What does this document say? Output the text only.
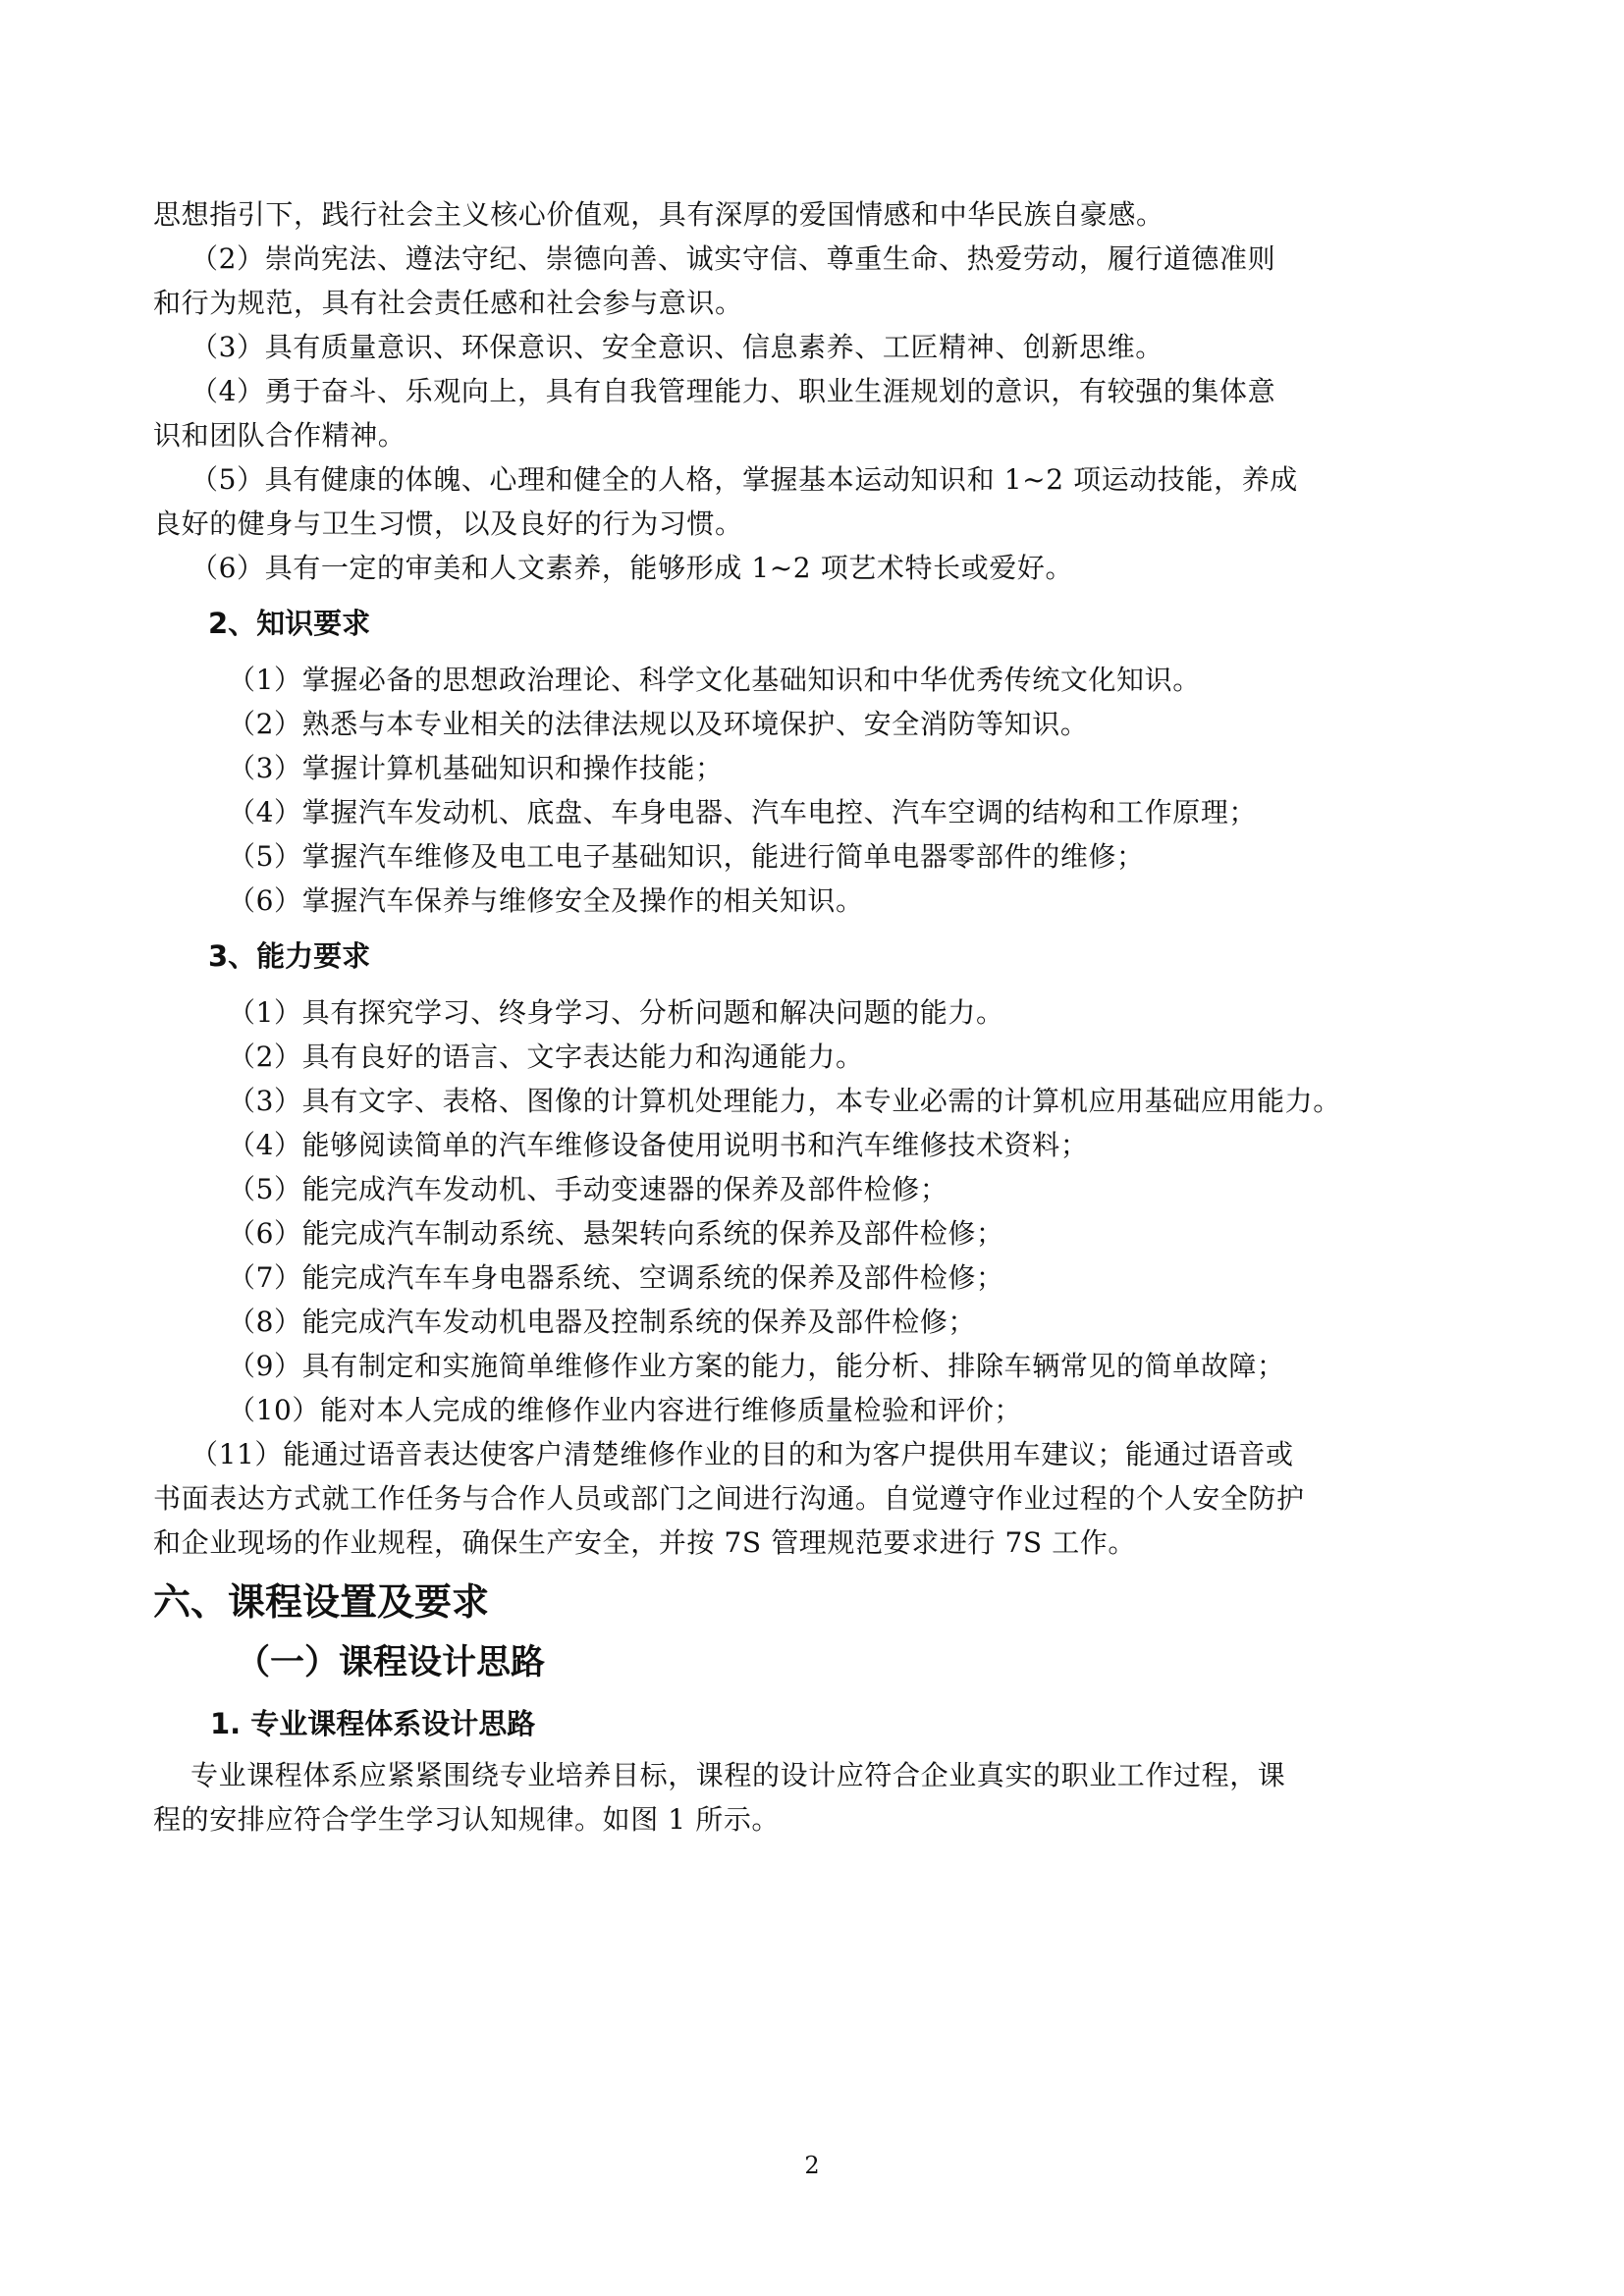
思想指引下，践行社会主义核心价值观，具有深厚的爱国情感和中华民族自豪感。

（2）崇尚宪法、遵法守纪、崇德向善、诚实守信、尊重生命、热爱劳动，履行道德准则

和行为规范，具有社会责任感和社会参与意识。

（3）具有质量意识、环保意识、安全意识、信息素养、工匠精神、创新思维。

（4）勇于奋斗、乐观向上，具有自我管理能力、职业生涯规划的意识，有较强的集体意

识和团队合作精神。

（5）具有健康的体魄、心理和健全的人格，掌握基本运动知识和 1~2 项运动技能，养成

良好的健身与卫生习惯，以及良好的行为习惯。

（6）具有一定的审美和人文素养，能够形成 1~2 项艺术特长或爱好。

2、知识要求

（1）掌握必备的思想政治理论、科学文化基础知识和中华优秀传统文化知识。

（2）熟悉与本专业相关的法律法规以及环境保护、安全消防等知识。

（3）掌握计算机基础知识和操作技能；

（4）掌握汽车发动机、底盘、车身电器、汽车电控、汽车空调的结构和工作原理；

（5）掌握汽车维修及电工电子基础知识，能进行简单电器零部件的维修；

（6）掌握汽车保养与维修安全及操作的相关知识。

3、能力要求

（1）具有探究学习、终身学习、分析问题和解决问题的能力。

（2）具有良好的语言、文字表达能力和沟通能力。

（3）具有文字、表格、图像的计算机处理能力，本专业必需的计算机应用基础应用能力。

（4）能够阅读简单的汽车维修设备使用说明书和汽车维修技术资料；

（5）能完成汽车发动机、手动变速器的保养及部件检修；

（6）能完成汽车制动系统、悬架转向系统的保养及部件检修；

（7）能完成汽车车身电器系统、空调系统的保养及部件检修；

（8）能完成汽车发动机电器及控制系统的保养及部件检修；

（9）具有制定和实施简单维修作业方案的能力，能分析、排除车辆常见的简单故障；

（10）能对本人完成的维修作业内容进行维修质量检验和评价；

（11）能通过语音表达使客户清楚维修作业的目的和为客户提供用车建议；能通过语音或

书面表达方式就工作任务与合作人员或部门之间进行沟通。自觉遵守作业过程的个人安全防护

和企业现场的作业规程，确保生产安全，并按 7S 管理规范要求进行 7S 工作。

六、课程设置及要求
（一）课程设计思路
1. 专业课程体系设计思路

专业课程体系应紧紧围绕专业培养目标，课程的设计应符合企业真实的职业工作过程，课

程的安排应符合学生学习认知规律。如图 1 所示。

2
